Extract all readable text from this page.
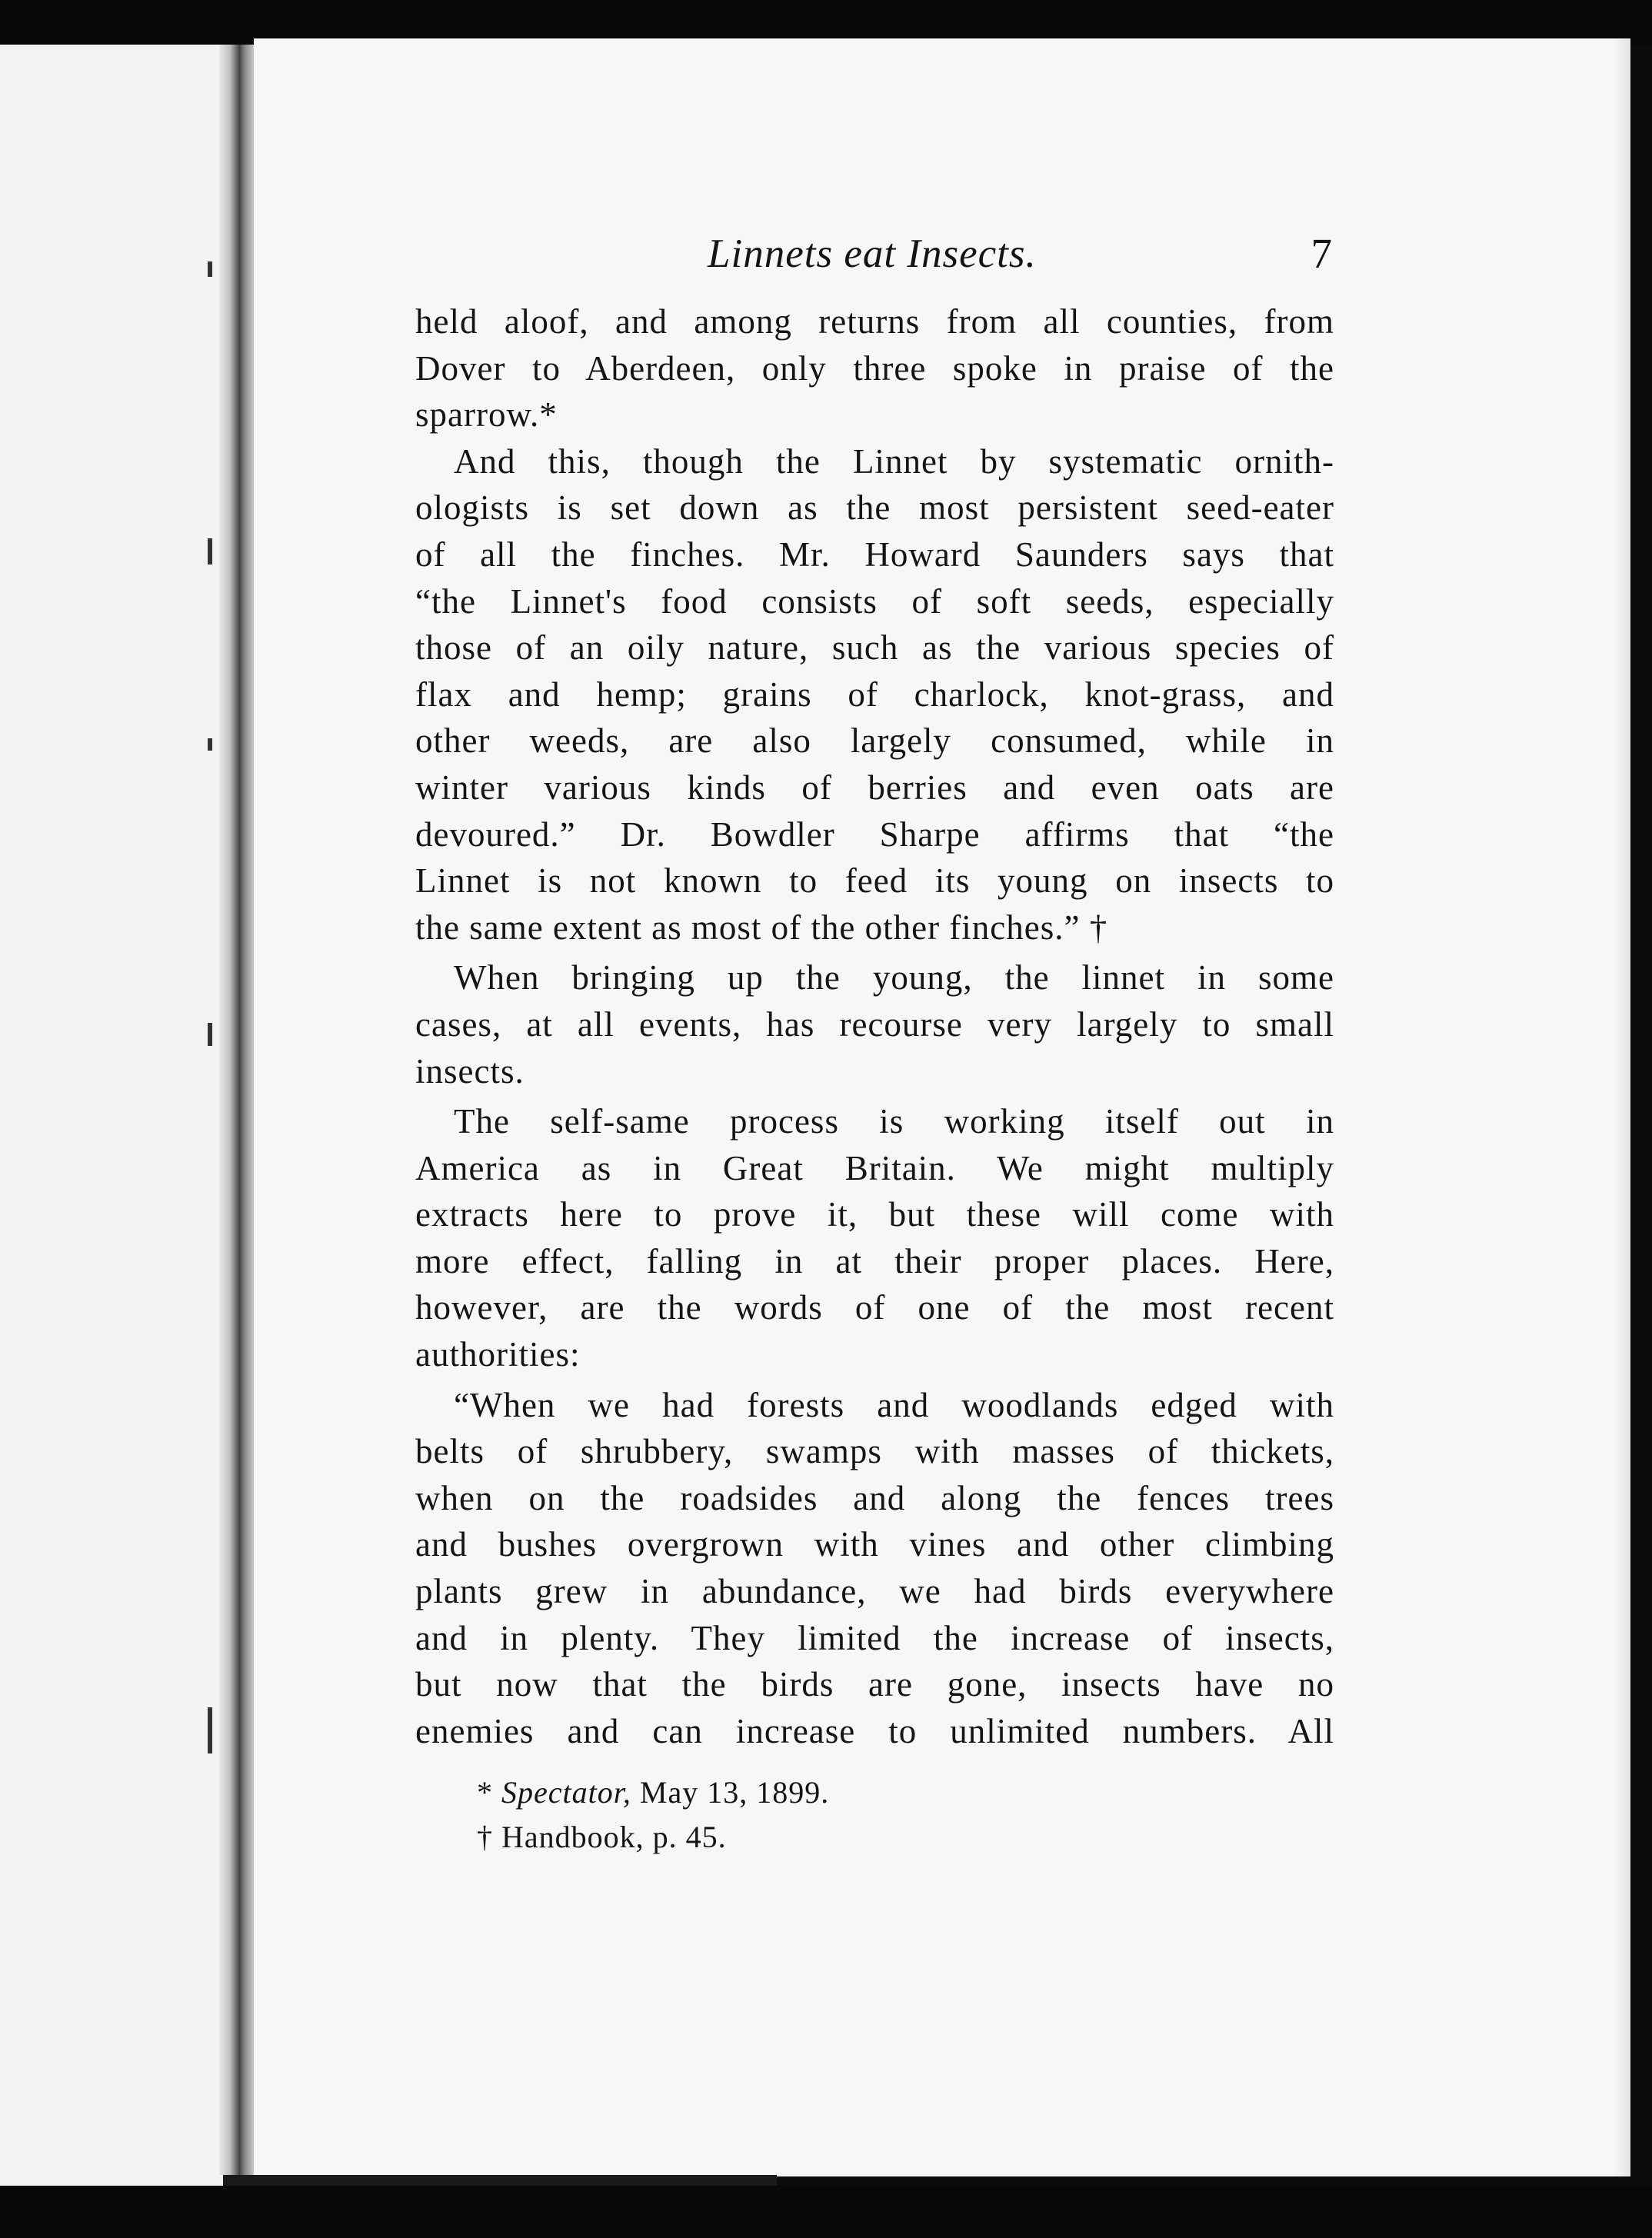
Linnets eat Insects.	7
held aloof, and among returns from all counties, from
Dover to Aberdeen, only three spoke in praise of the
sparrow.*
And this, though the Linnet by systematic ornith-
ologists is set down as the most persistent seed-eater
of all the finches. Mr. Howard Saunders says that
“the Linnet's food consists of soft seeds, especially
those of an oily nature, such as the various species of
flax and hemp; grains of charlock, knot-grass, and
other weeds, are also largely consumed, while in
winter various kinds of berries and even oats are
devoured.” Dr. Bowdler Sharpe affirms that “the
Linnet is not known to feed its young on insects to
the same extent as most of the other finches.” †
When bringing up the young, the linnet in some
cases, at all events, has recourse very largely to small
insects.
The self-same process is working itself out in
America as in Great Britain. We might multiply
extracts here to prove it, but these will come with
more effect, falling in at their proper places. Here,
however, are the words of one of the most recent
authorities:
“When we had forests and woodlands edged with
belts of shrubbery, swamps with masses of thickets,
when on the roadsides and along the fences trees
and bushes overgrown with vines and other climbing
plants grew in abundance, we had birds everywhere
and in plenty. They limited the increase of insects,
but now that the birds are gone, insects have no
enemies and can increase to unlimited numbers. All
* Spectator, May 13, 1899.
† Handbook, p. 45.
